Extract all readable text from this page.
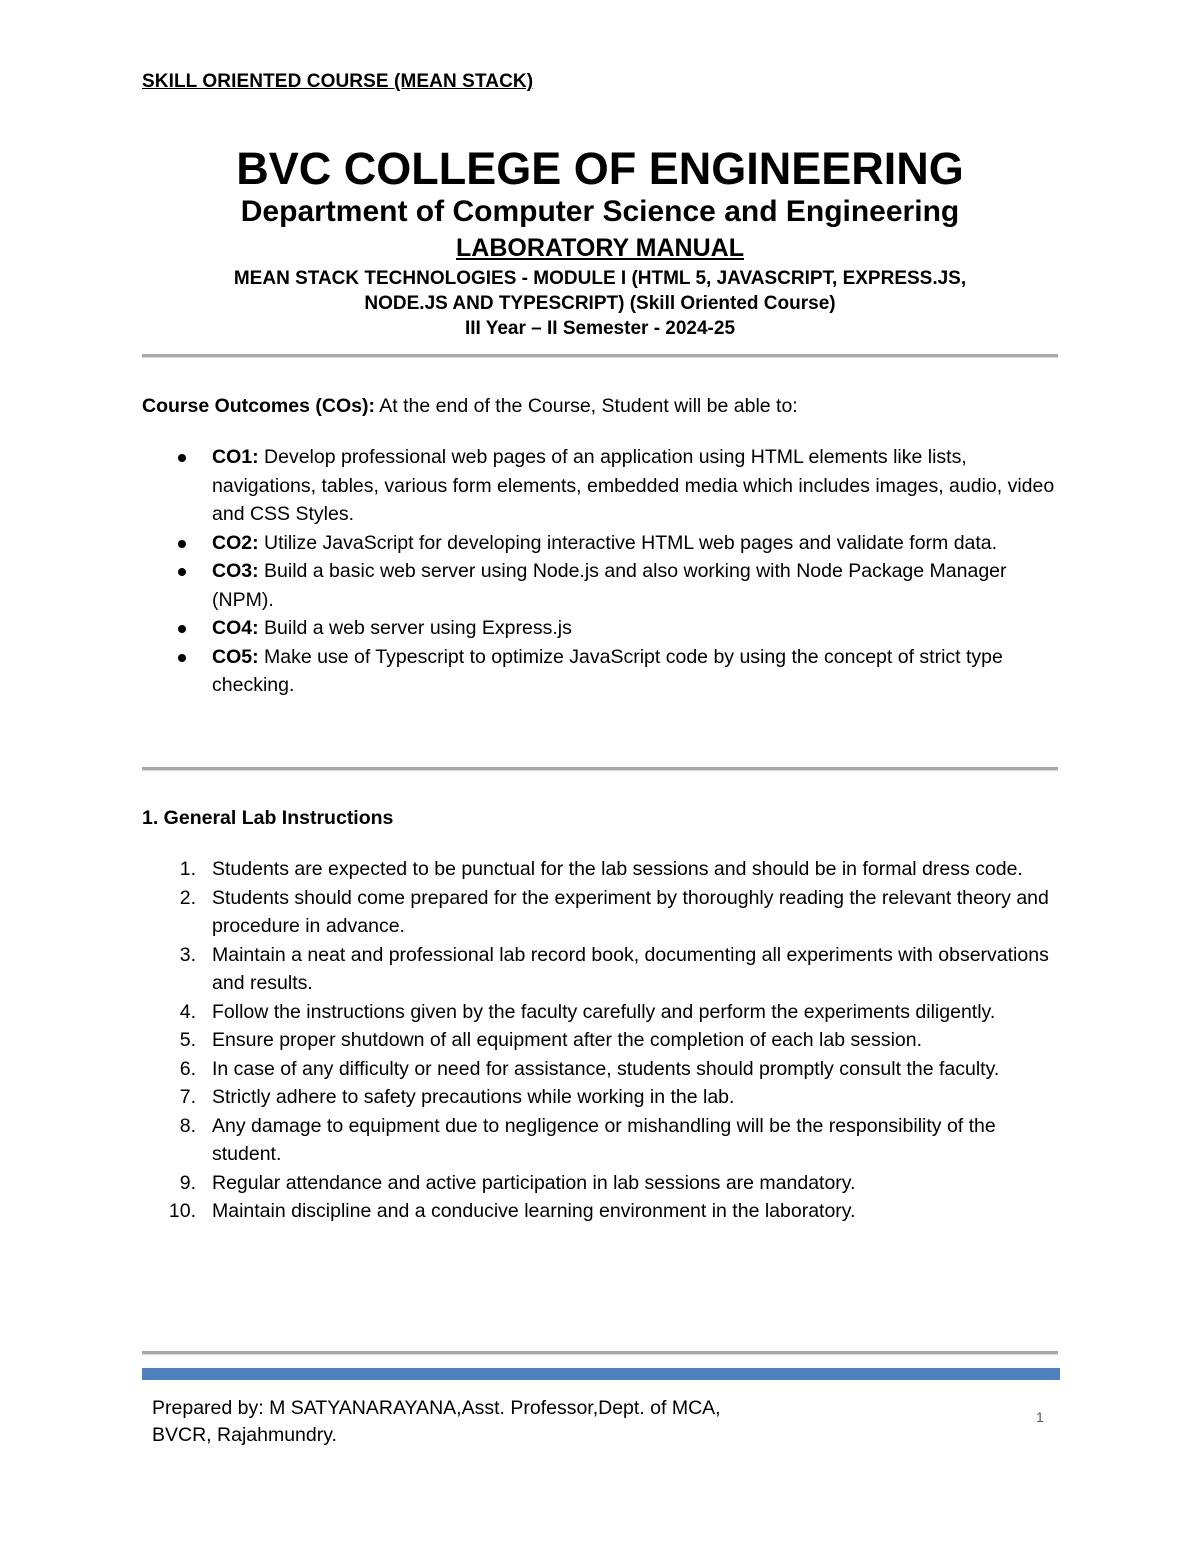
SKILL ORIENTED COURSE (MEAN STACK)
BVC COLLEGE OF ENGINEERING
Department of Computer Science and Engineering
LABORATORY MANUAL
MEAN STACK TECHNOLOGIES - MODULE I (HTML 5, JAVASCRIPT, EXPRESS.JS,
NODE.JS AND TYPESCRIPT) (Skill Oriented Course)
III Year – II Semester - 2024-25
Course Outcomes (COs): At the end of the Course, Student will be able to:
CO1: Develop professional web pages of an application using HTML elements like lists, navigations, tables, various form elements, embedded media which includes images, audio, video and CSS Styles.
CO2: Utilize JavaScript for developing interactive HTML web pages and validate form data.
CO3: Build a basic web server using Node.js and also working with Node Package Manager (NPM).
CO4: Build a web server using Express.js
CO5: Make use of Typescript to optimize JavaScript code by using the concept of strict type checking.
1. General Lab Instructions
1. Students are expected to be punctual for the lab sessions and should be in formal dress code.
2. Students should come prepared for the experiment by thoroughly reading the relevant theory and procedure in advance.
3. Maintain a neat and professional lab record book, documenting all experiments with observations and results.
4. Follow the instructions given by the faculty carefully and perform the experiments diligently.
5. Ensure proper shutdown of all equipment after the completion of each lab session.
6. In case of any difficulty or need for assistance, students should promptly consult the faculty.
7. Strictly adhere to safety precautions while working in the lab.
8. Any damage to equipment due to negligence or mishandling will be the responsibility of the student.
9. Regular attendance and active participation in lab sessions are mandatory.
10. Maintain discipline and a conducive learning environment in the laboratory.
Prepared by: M SATYANARAYANA,Asst. Professor,Dept. of MCA,
BVCR, Rajahmundry.
1
